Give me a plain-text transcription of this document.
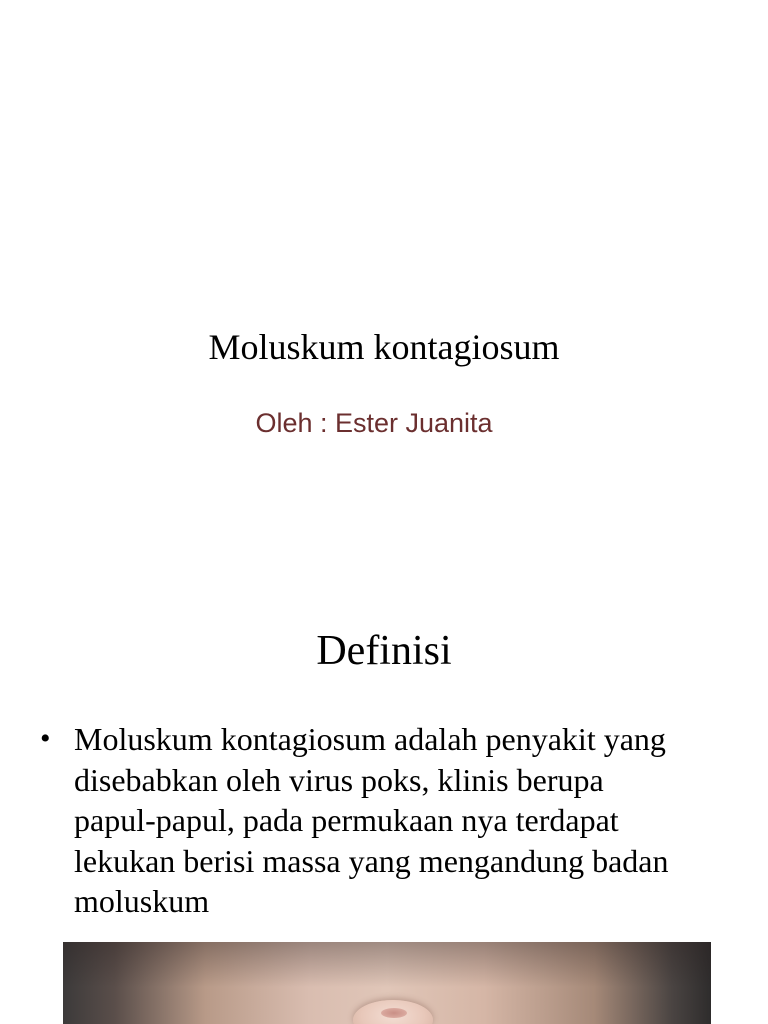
Moluskum kontagiosum
Oleh : Ester Juanita
Definisi
• Moluskum kontagiosum adalah penyakit yang
disebabkan oleh virus poks, klinis berupa
papul-papul, pada permukaan nya terdapat
lekukan berisi massa yang mengandung badan
moluskum
